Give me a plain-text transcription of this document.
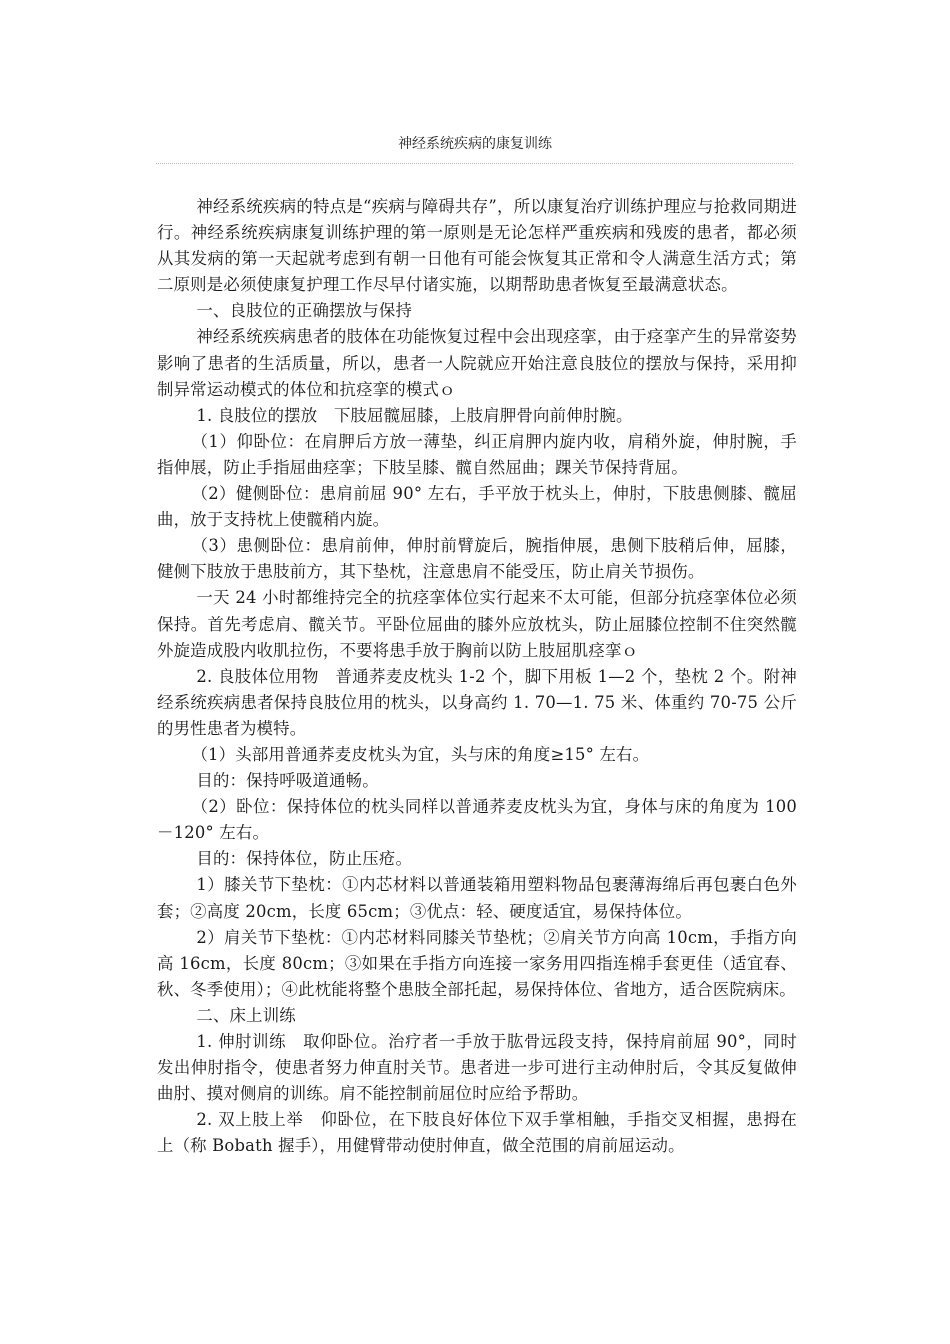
神经系统疾病的康复训练

神经系统疾病的特点是“疾病与障碍共存”，所以康复治疗训练护理应与抢救同期进行。神经系统疾病康复训练护理的第一原则是无论怎样严重疾病和残废的患者，都必须从其发病的第一天起就考虑到有朝一日他有可能会恢复其正常和令人满意生活方式；第二原则是必须使康复护理工作尽早付诸实施，以期帮助患者恢复至最满意状态。

一、良肢位的正确摆放与保持

神经系统疾病患者的肢体在功能恢复过程中会出现痉挛，由于痉挛产生的异常姿势　　影响了患者的生活质量，所以，患者一人院就应开始注意良肢位的摆放与保持，采用抑制异常运动模式的体位和抗痉挛的模式ｏ

1. 良肢位的摆放　下肢屈髋屈膝，上肢肩胛骨向前伸肘腕。

（1）仰卧位：在肩胛后方放一薄垫，纠正肩胛内旋内收，肩稍外旋，伸肘腕，手指伸展，防止手指屈曲痉挛；下肢呈膝、髋自然屈曲；踝关节保持背屈。

（2）健侧卧位：患肩前屈 90° 左右，手平放于枕头上，伸肘，下肢患侧膝、髋屈曲，放于支持枕上使髋稍内旋。

（3）患侧卧位：患肩前伸，伸肘前臂旋后，腕指伸展，患侧下肢稍后伸，屈膝，健侧下肢放于患肢前方，其下垫枕，注意患肩不能受压，防止肩关节损伤。

一天 24 小时都维持完全的抗痉挛体位实行起来不太可能，但部分抗痉挛体位必须　　保持。首先考虑肩、髋关节。平卧位屈曲的膝外应放枕头，防止屈膝位控制不住突然髋外旋造成股内收肌拉伤，不要将患手放于胸前以防上肢屈肌痉挛ｏ

2. 良肢体位用物　普通荞麦皮枕头 1-2 个，脚下用板 1—2 个，垫枕 2 个。附神经系统疾病患者保持良肢位用的枕头，以身高约 1. 70—1. 75 米、体重约 70-75 公斤的男性患者为模特。

（1）头部用普通荞麦皮枕头为宜，头与床的角度≥15° 左右。

目的：保持呼吸道通畅。

（2）卧位：保持体位的枕头同样以普通荞麦皮枕头为宜，身体与床的角度为 100－120° 左右。

目的：保持体位，防止压疮。

1）膝关节下垫枕：①内芯材料以普通装箱用塑料物品包裹薄海绵后再包裹白色外套；②高度 20cm，长度 65cm；③优点：轻、硬度适宜，易保持体位。

2）肩关节下垫枕：①内芯材料同膝关节垫枕；②肩关节方向高 10cm，手指方向高 16cm，长度 80cm；③如果在手指方向连接一家务用四指连棉手套更佳（适宜春、秋、冬季使用）；④此枕能将整个患肢全部托起，易保持体位、省地方，适合医院病床。

二、床上训练

1. 伸肘训练　取仰卧位。治疗者一手放于肱骨远段支持，保持肩前屈 90°，同时发出伸肘指令，使患者努力伸直肘关节。患者进一步可进行主动伸肘后，令其反复做伸曲肘、摸对侧肩的训练。肩不能控制前屈位时应给予帮助。

2. 双上肢上举　仰卧位，在下肢良好体位下双手掌相触，手指交叉相握，患拇在上（称 Bobath 握手），用健臂带动使肘伸直，做全范围的肩前屈运动。
